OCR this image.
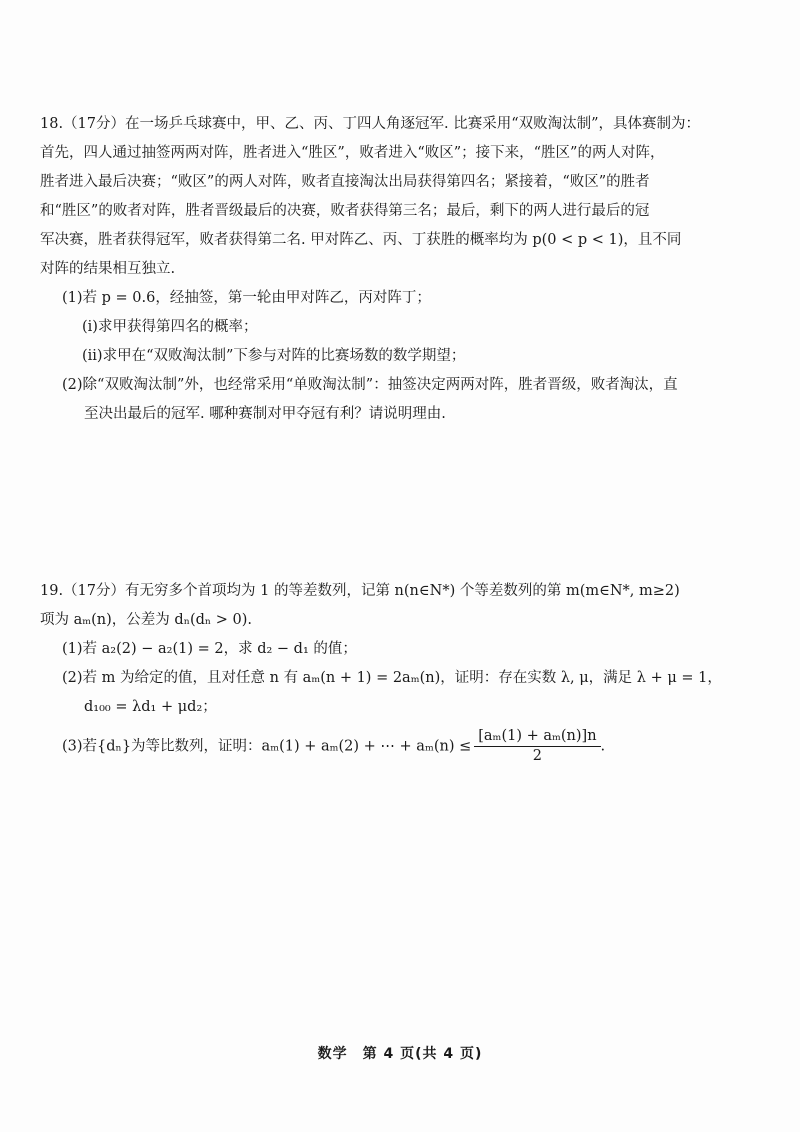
18.（17分）在一场乒乓球赛中，甲、乙、丙、丁四人角逐冠军. 比赛采用“双败淘汰制”，具体赛制为：
首先，四人通过抽签两两对阵，胜者进入“胜区”，败者进入“败区”；接下来，“胜区”的两人对阵，
胜者进入最后决赛；“败区”的两人对阵，败者直接淘汰出局获得第四名；紧接着，“败区”的胜者
和“胜区”的败者对阵，胜者晋级最后的决赛，败者获得第三名；最后，剩下的两人进行最后的冠
军决赛，胜者获得冠军，败者获得第二名. 甲对阵乙、丙、丁获胜的概率均为 p(0 < p < 1)，且不同
对阵的结果相互独立.
(1)若 p = 0.6，经抽签，第一轮由甲对阵乙，丙对阵丁；
(i)求甲获得第四名的概率；
(ii)求甲在“双败淘汰制”下参与对阵的比赛场数的数学期望；
(2)除“双败淘汰制”外，也经常采用“单败淘汰制”：抽签决定两两对阵，胜者晋级，败者淘汰，直
至决出最后的冠军. 哪种赛制对甲夺冠有利？请说明理由.
19.（17分）有无穷多个首项均为 1 的等差数列，记第 n(n∈N*) 个等差数列的第 m(m∈N*, m≥2)
项为 aₘ(n)，公差为 dₙ(dₙ > 0).
(1)若 a₂(2) − a₂(1) = 2，求 d₂ − d₁ 的值；
(2)若 m 为给定的值，且对任意 n 有 aₘ(n + 1) = 2aₘ(n)，证明：存在实数 λ, μ，满足 λ + μ = 1，
d₁₀₀ = λd₁ + μd₂；
(3)若{dₙ}为等比数列，证明：aₘ(1) + aₘ(2) + ⋯ + $a_m(n) \le \frac{\text{[aₘ(1) + aₘ(n)]n}}{2}$ .
数学　第 4 页(共 4 页)
